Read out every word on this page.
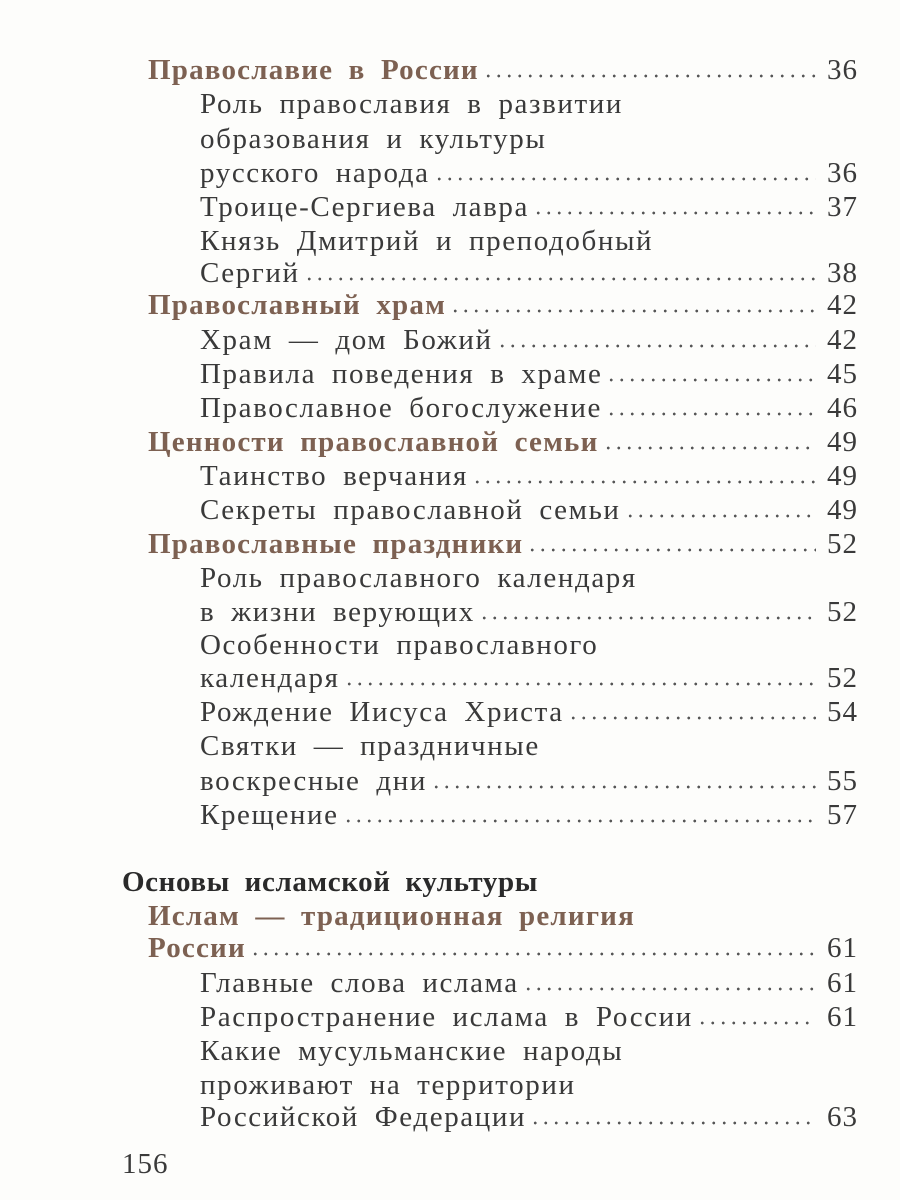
Православие в России	36
Роль православия в развитии
образования и культуры
русского народа	36
Троице-Сергиева лавра	37
Князь Дмитрий и преподобный
Сергий	38
Православный храм	42
Храм — дом Божий	42
Правила поведения в храме	45
Православное богослужение	46
Ценности православной семьи	49
Таинство верчания	49
Секреты православной семьи	49
Православные праздники	52
Роль православного календаря
в жизни верующих	52
Особенности православного
календаря	52
Рождение Иисуса Христа	54
Святки — праздничные
воскресные дни	55
Крещение	57
Основы исламской культуры
Ислам — традиционная религия
России	61
Главные слова ислама	61
Распространение ислама в России	61
Какие мусульманские народы
проживают на территории
Российской Федерации	63
156
